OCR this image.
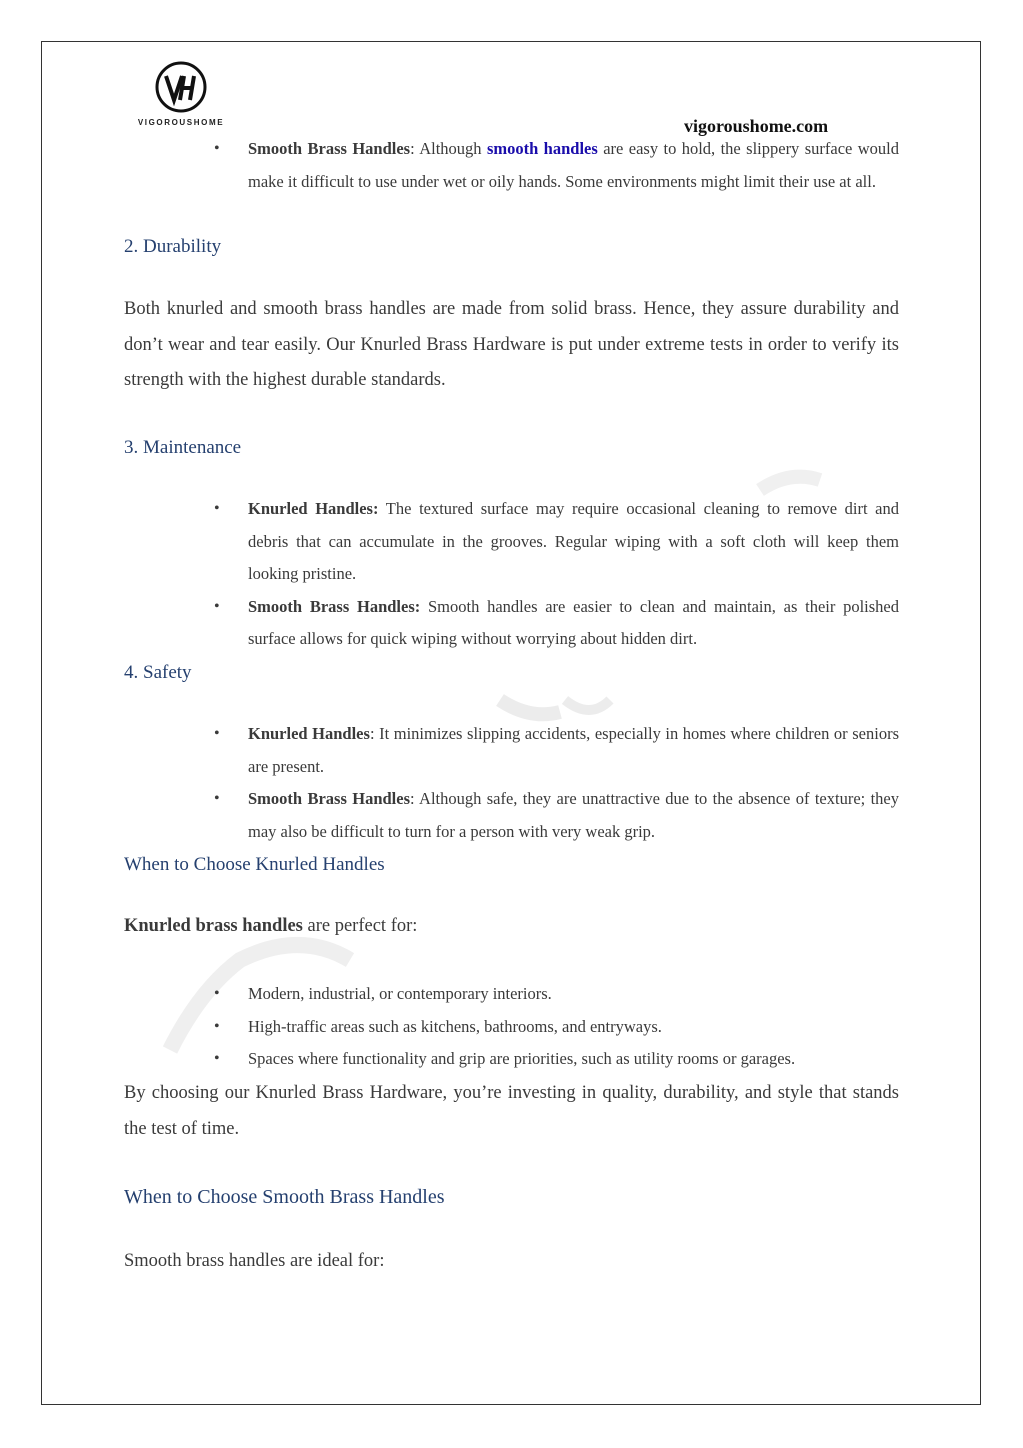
VIGOROUSHOME	vigoroushome.com
• Smooth Brass Handles: Although smooth handles are easy to hold, the slippery surface would make it difficult to use under wet or oily hands. Some environments might limit their use at all.
2. Durability
Both knurled and smooth brass handles are made from solid brass. Hence, they assure durability and don’t wear and tear easily. Our Knurled Brass Hardware is put under extreme tests in order to verify its strength with the highest durable standards.
3. Maintenance
• Knurled Handles: The textured surface may require occasional cleaning to remove dirt and debris that can accumulate in the grooves. Regular wiping with a soft cloth will keep them looking pristine.
• Smooth Brass Handles: Smooth handles are easier to clean and maintain, as their polished surface allows for quick wiping without worrying about hidden dirt.
4. Safety
• Knurled Handles: It minimizes slipping accidents, especially in homes where children or seniors are present.
• Smooth Brass Handles: Although safe, they are unattractive due to the absence of texture; they may also be difficult to turn for a person with very weak grip.
When to Choose Knurled Handles
Knurled brass handles are perfect for:
• Modern, industrial, or contemporary interiors.
• High-traffic areas such as kitchens, bathrooms, and entryways.
• Spaces where functionality and grip are priorities, such as utility rooms or garages.
By choosing our Knurled Brass Hardware, you’re investing in quality, durability, and style that stands the test of time.
When to Choose Smooth Brass Handles
Smooth brass handles are ideal for:
